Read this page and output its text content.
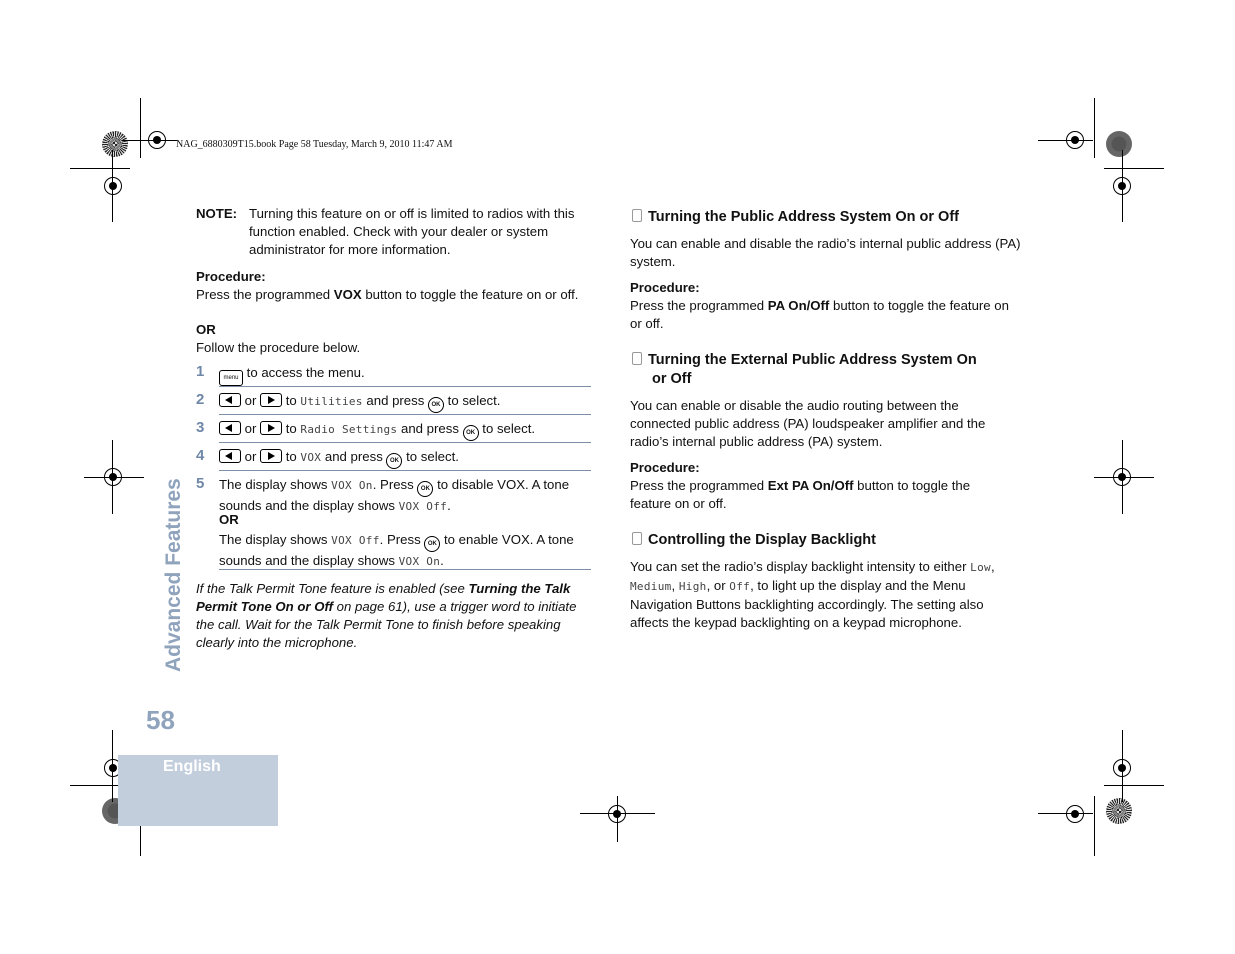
NAG_6880309T15.book Page 58 Tuesday, March 9, 2010 11:47 AM
Advanced Features
58
English
NOTE: Turning this feature on or off is limited to radios with this function enabled. Check with your dealer or system administrator for more information.
Procedure:
Press the programmed VOX button to toggle the feature on or off.
OR
Follow the procedure below.
1	menu to access the menu.
2	or to Utilities and press OK to select.
3	or to Radio Settings and press OK to select.
4	or to VOX and press OK to select.
5 The display shows VOX On. Press OK to disable VOX. A tone sounds and the display shows VOX Off.
OR
The display shows VOX Off. Press OK to enable VOX. A tone sounds and the display shows VOX On.
If the Talk Permit Tone feature is enabled (see Turning the Talk Permit Tone On or Off on page 61), use a trigger word to initiate the call. Wait for the Talk Permit Tone to finish before speaking clearly into the microphone.
Turning the Public Address System On or Off
You can enable and disable the radio’s internal public address (PA) system.
Procedure:
Press the programmed PA On/Off button to toggle the feature on or off.
Turning the External Public Address System On
or Off
You can enable or disable the audio routing between the connected public address (PA) loudspeaker amplifier and the radio’s internal public address (PA) system.
Procedure:
Press the programmed Ext PA On/Off button to toggle the feature on or off.
Controlling the Display Backlight
You can set the radio’s display backlight intensity to either Low, Medium, High, or Off, to light up the display and the Menu Navigation Buttons backlighting accordingly. The setting also affects the keypad backlighting on a keypad microphone.
